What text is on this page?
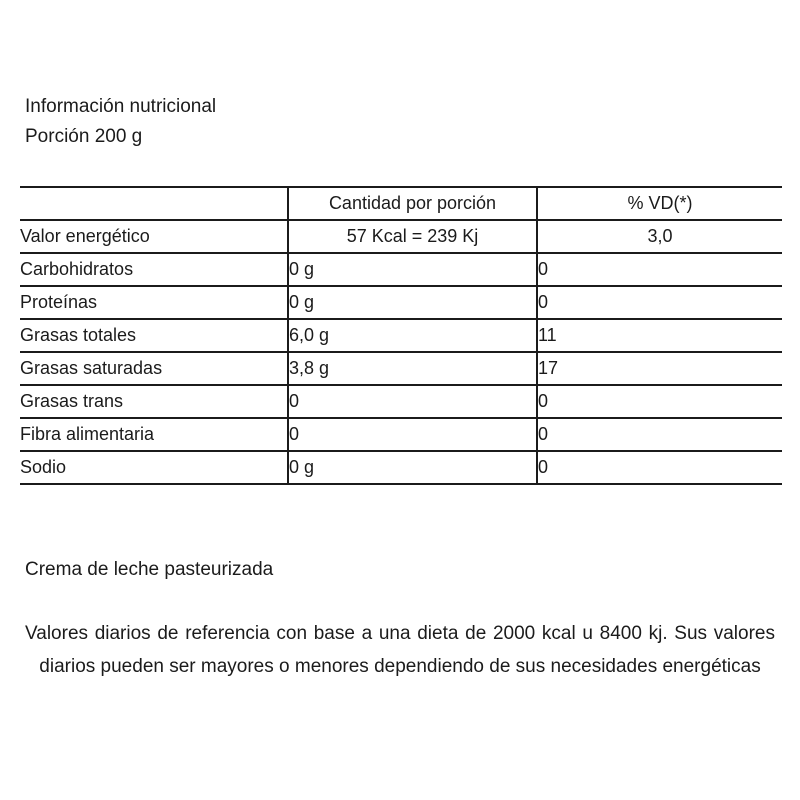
Información nutricional
Porción 200 g
	Cantidad por porción	% VD(*)
Valor energético	57 Kcal = 239 Kj	3,0
Carbohidratos	0 g	0
Proteínas	0 g	0
Grasas totales	6,0 g	11
Grasas saturadas	3,8 g	17
Grasas trans	0	0
Fibra alimentaria	0	0
Sodio	0 g	0
Crema de leche pasteurizada
Valores diarios de referencia con base a una dieta de 2000 kcal u 8400 kj. Sus valores diarios pueden ser mayores o menores dependiendo de sus necesidades energéticas
